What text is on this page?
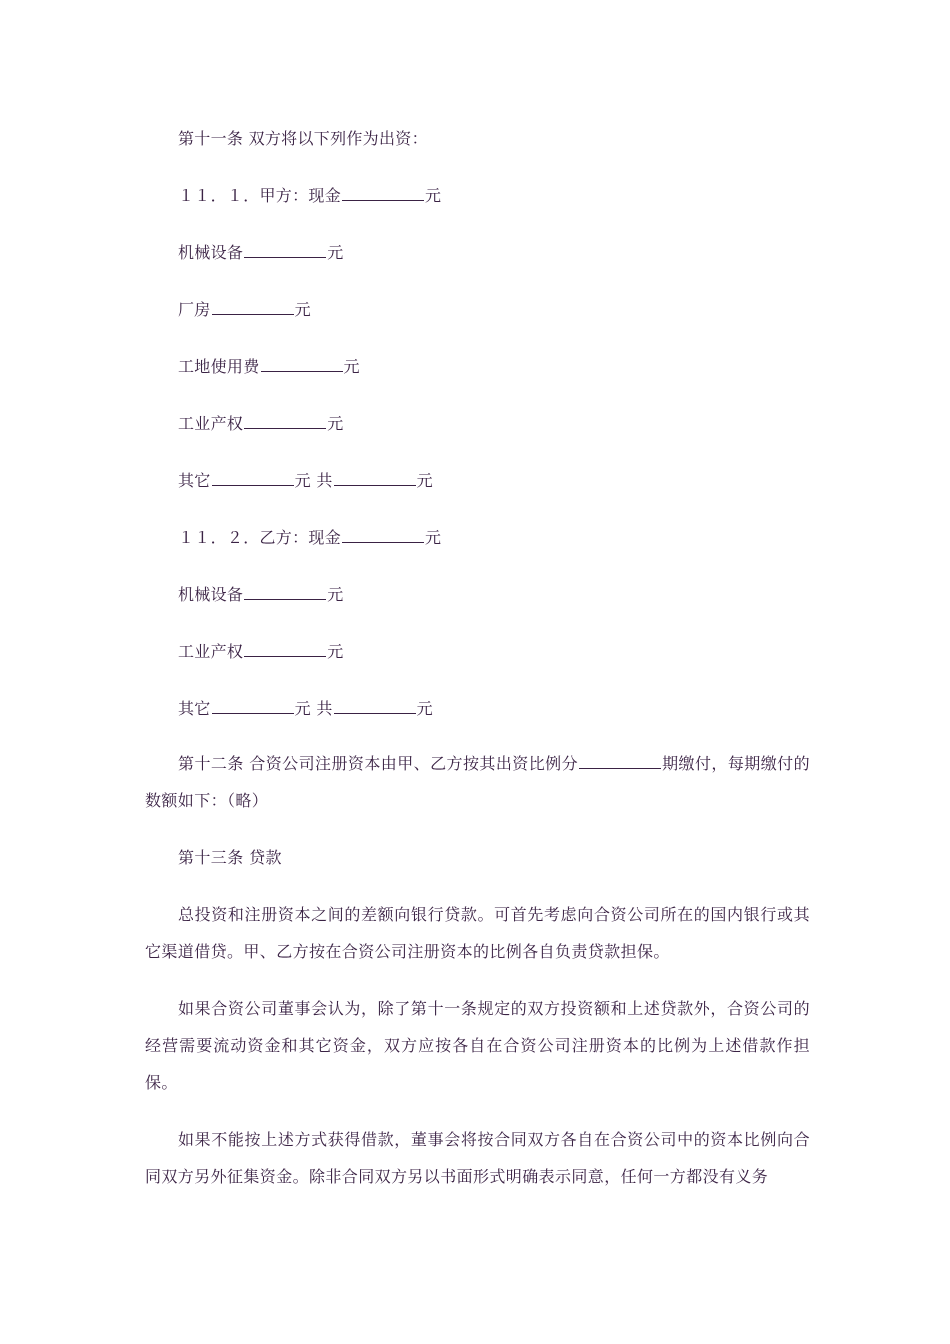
第十一条 双方将以下列作为出资：
１１．１．甲方：现金	元
机械设备	元
厂房	元
工地使用费	元
工业产权	元
其它	元 共	元
１１．２．乙方：现金	元
机械设备	元
工业产权	元
其它	元 共	元
第十二条 合资公司注册资本由甲、乙方按其出资比例分	期缴付，每期缴付的数额如下：（略）
第十三条 贷款
总投资和注册资本之间的差额向银行贷款。可首先考虑向合资公司所在的国内银行或其它渠道借贷。甲、乙方按在合资公司注册资本的比例各自负责贷款担保。
如果合资公司董事会认为，除了第十一条规定的双方投资额和上述贷款外，合资公司的经营需要流动资金和其它资金，双方应按各自在合资公司注册资本的比例为上述借款作担保。
如果不能按上述方式获得借款，董事会将按合同双方各自在合资公司中的资本比例向合同双方另外征集资金。除非合同双方另以书面形式明确表示同意，任何一方都没有义务
